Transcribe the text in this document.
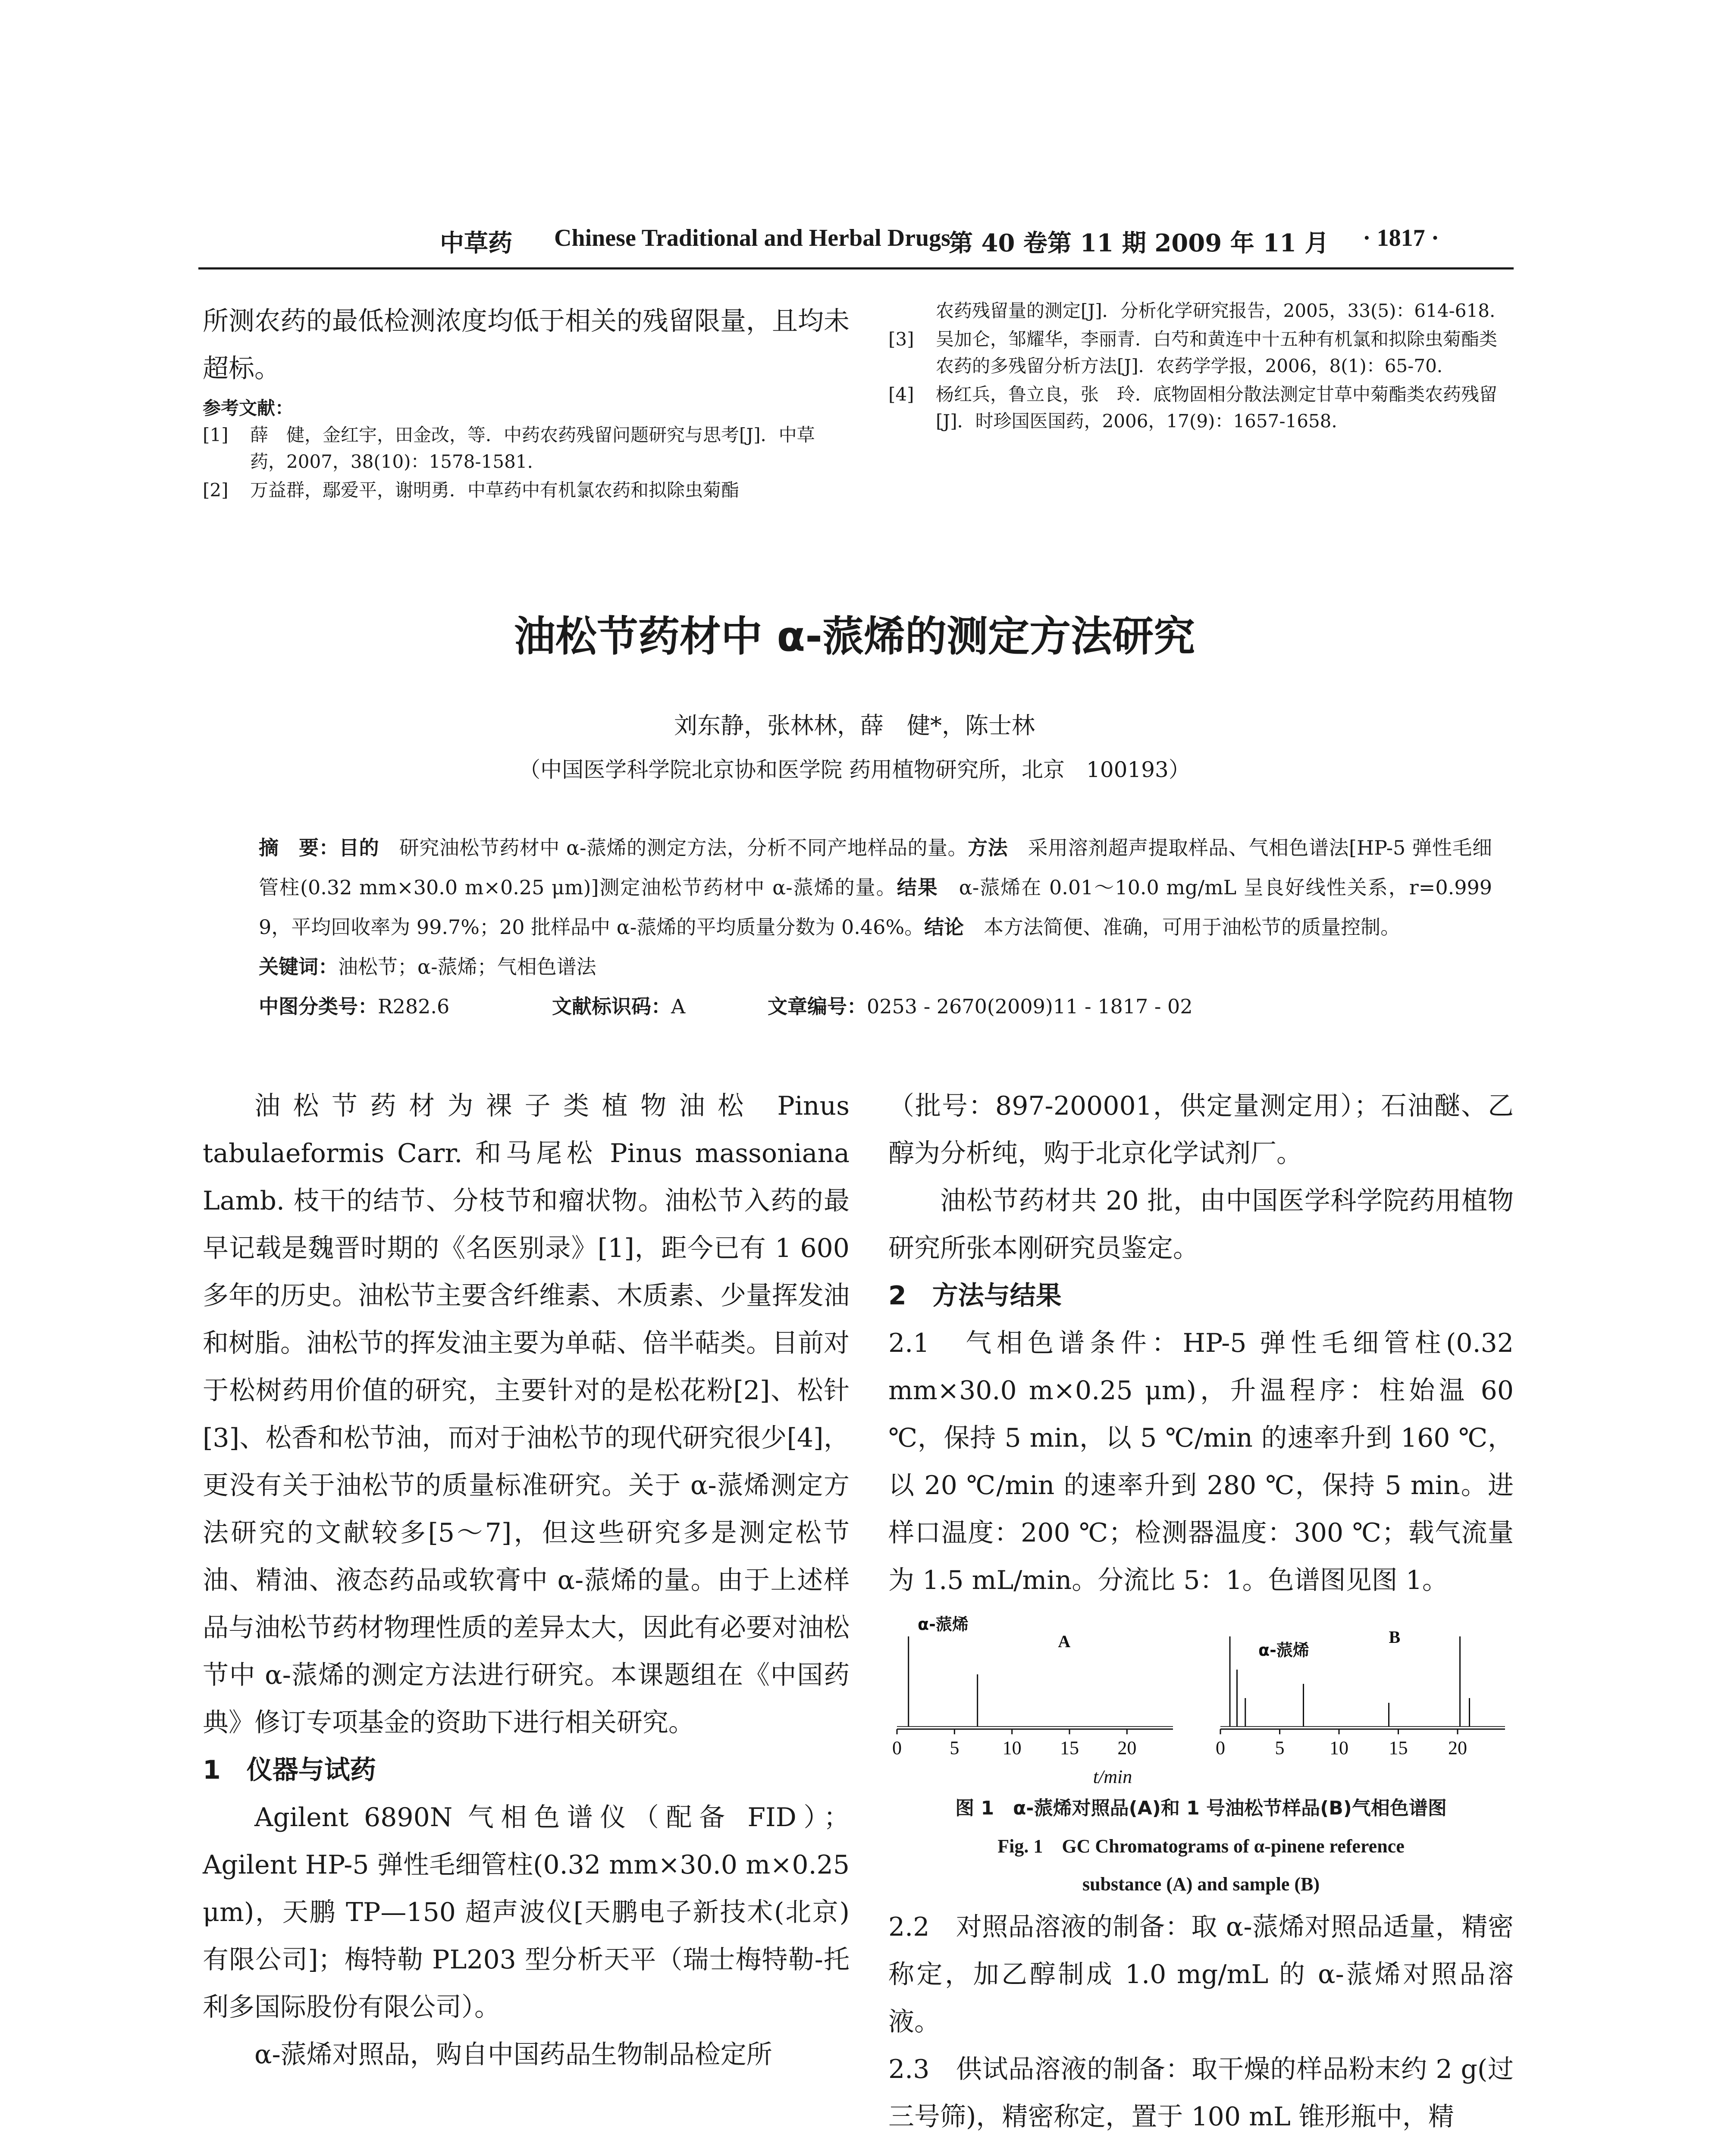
中草药 Chinese Traditional and Herbal Drugs
第 40 卷第 11 期 2009 年 11 月 · 1817 ·

所测农药的最低检测浓度均低于相关的残留限量，且均未超标。

参考文献：
[1]	薛　健，金红宇，田金改，等．中药农药残留问题研究与思考[J]．中草药，2007，38(10)：1578-1581.
[2]	万益群，鄢爱平，谢明勇．中草药中有机氯农药和拟除虫菊酯
农药残留量的测定[J]．分析化学研究报告，2005，33(5)：614-618.
[3]	吴加仑，邹耀华，李丽青．白芍和黄连中十五种有机氯和拟除虫菊酯类农药的多残留分析方法[J]．农药学学报，2006，8(1)：65-70.
[4]	杨红兵，鲁立良，张　玲．底物固相分散法测定甘草中菊酯类农药残留[J]．时珍国医国药，2006，17(9)：1657-1658.
油松节药材中 α-蒎烯的测定方法研究
刘东静，张林林，薛　健*，陈士林
（中国医学科学院北京协和医学院 药用植物研究所，北京　100193）
摘　要：目的　 研究油松节药材中 α-蒎烯的测定方法，分析不同产地样品的量。方法　 采用溶剂超声提取样品、气相色谱法[HP-5 弹性毛细管柱(0.32 mm×30.0 m×0.25 μm)]测定油松节药材中 α-蒎烯的量。结果　 α-蒎烯在 0.01～10.0 mg/mL 呈良好线性关系，r=0.999 9，平均回收率为 99.7%；20 批样品中 α-蒎烯的平均质量分数为 0.46%。结论　 本方法简便、准确，可用于油松节的质量控制。
关键词：油松节；α-蒎烯；气相色谱法
中图分类号：R282.6	文献标识码：A	文章编号：0253 - 2670(2009)11 - 1817 - 02

油松节药材为裸子类植物油松 Pinus tabulaeformis Carr. 和马尾松 Pinus massoniana Lamb. 枝干的结节、分枝节和瘤状物。油松节入药的最早记载是魏晋时期的《名医别录》[1]，距今已有 1 600 多年的历史。油松节主要含纤维素、木质素、少量挥发油和树脂。油松节的挥发油主要为单萜、倍半萜类。目前对于松树药用价值的研究，主要针对的是松花粉[2]、松针[3]、松香和松节油，而对于油松节的现代研究很少[4]，更没有关于油松节的质量标准研究。关于 α-蒎烯测定方法研究的文献较多[5～7]，但这些研究多是测定松节油、精油、液态药品或软膏中 α-蒎烯的量。由于上述样品与油松节药材物理性质的差异太大，因此有必要对油松节中 α-蒎烯的测定方法进行研究。本课题组在《中国药典》修订专项基金的资助下进行相关研究。

1　仪器与试药

Agilent 6890N 气相色谱仪（配备 FID）；Agilent HP-5 弹性毛细管柱(0.32 mm×30.0 m×0.25 μm)，天鹏 TP—150 超声波仪[天鹏电子新技术(北京)有限公司]；梅特勒 PL203 型分析天平（瑞士梅特勒-托利多国际股份有限公司）。

α-蒎烯对照品，购自中国药品生物制品检定所

（批号：897-200001，供定量测定用）；石油醚、乙醇为分析纯，购于北京化学试剂厂。

油松节药材共 20 批，由中国医学科学院药用植物研究所张本刚研究员鉴定。

2　方法与结果

2.1　气相色谱条件：HP-5 弹性毛细管柱(0.32 mm×30.0 m×0.25 μm)，升温程序：柱始温 60 ℃，保持 5 min，以 5 ℃/min 的速率升到 160 ℃，以 20 ℃/min 的速率升到 280 ℃，保持 5 min。进样口温度：200 ℃；检测器温度：300 ℃；载气流量为 1.5 mL/min。分流比 5：1。色谱图见图 1。

0	5 10 15 20
α-蒎烯
A
0	5 10 15 20
α-蒎烯
B
t/min
图 1　α-蒎烯对照品(A)和 1 号油松节样品(B)气相色谱图
Fig. 1　GC Chromatograms of α-pinene reference
substance (A) and sample (B)

2.2　对照品溶液的制备：取 α-蒎烯对照品适量，精密称定，加乙醇制成 1.0 mg/mL 的 α-蒎烯对照品溶液。

2.3　供试品溶液的制备：取干燥的样品粉末约 2 g(过三号筛)，精密称定，置于 100 mL 锥形瓶中，精
